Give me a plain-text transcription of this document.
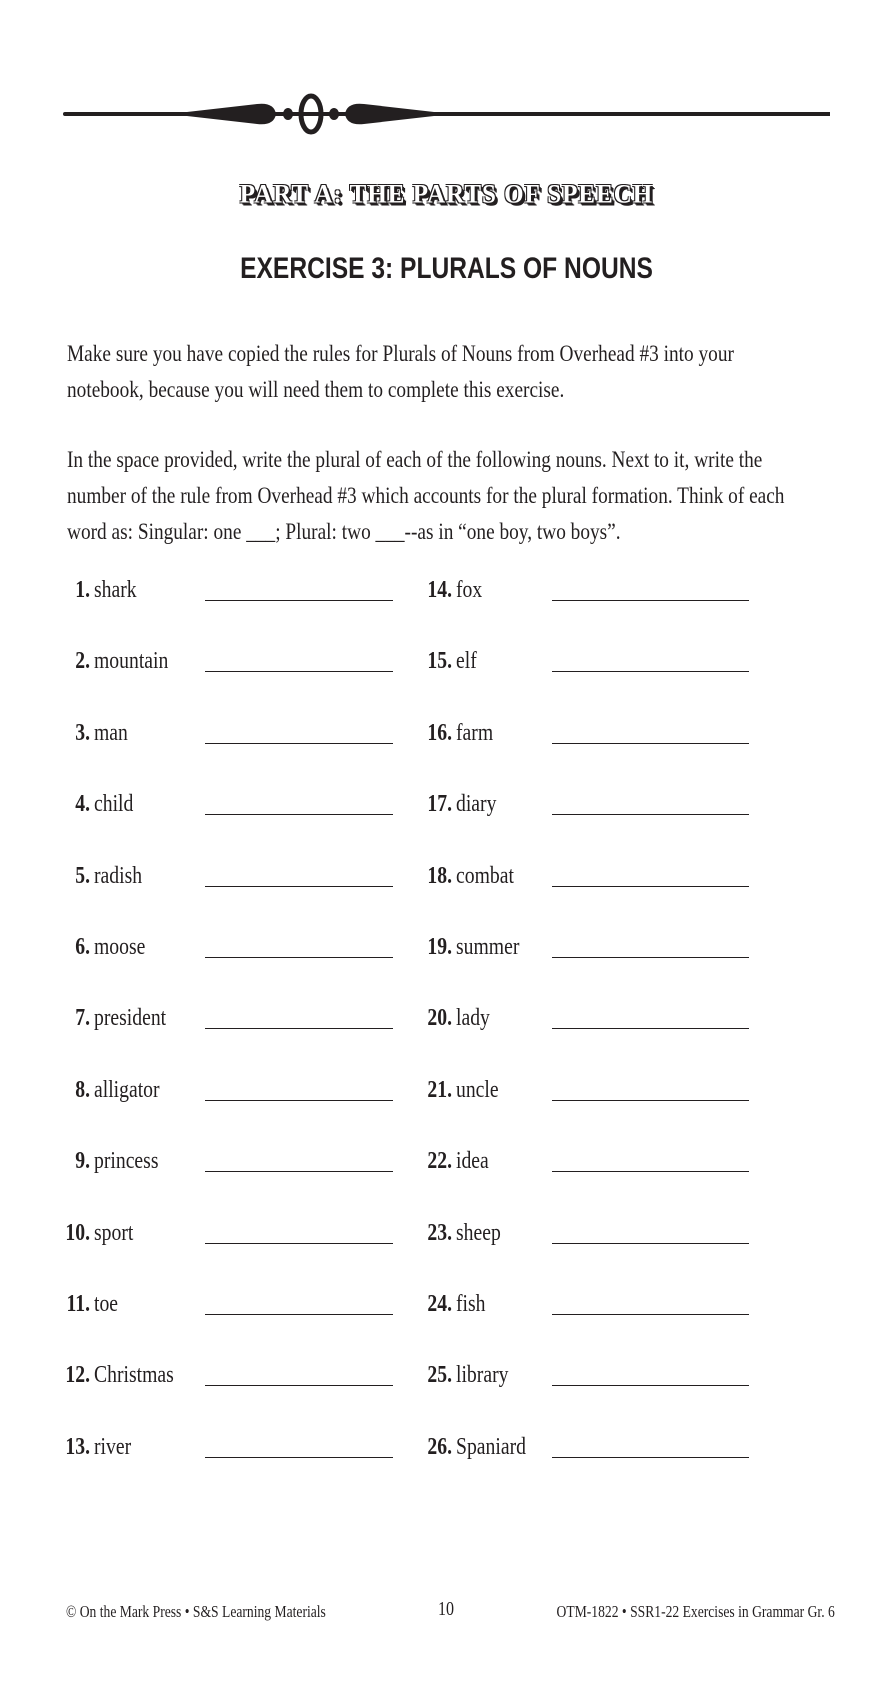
PART A: THE PARTS OF SPEECH
EXERCISE 3: PLURALS OF NOUNS
Make sure you have copied the rules for Plurals of Nouns from Overhead #3 into your notebook, because you will need them to complete this exercise.
In the space provided, write the plural of each of the following nouns. Next to it, write the number of the rule from Overhead #3 which accounts for the plural formation. Think of each word as: Singular: one ___; Plural: two ___--as in “one boy, two boys”.
1. shark
2. mountain
3. man
4. child
5. radish
6. moose
7. president
8. alligator
9. princess
10. sport
11. toe
12. Christmas
13. river
14. fox
15. elf
16. farm
17. diary
18. combat
19. summer
20. lady
21. uncle
22. idea
23. sheep
24. fish
25. library
26. Spaniard
© On the Mark Press • S&S Learning Materials	10	OTM-1822 • SSR1-22 Exercises in Grammar Gr. 6
